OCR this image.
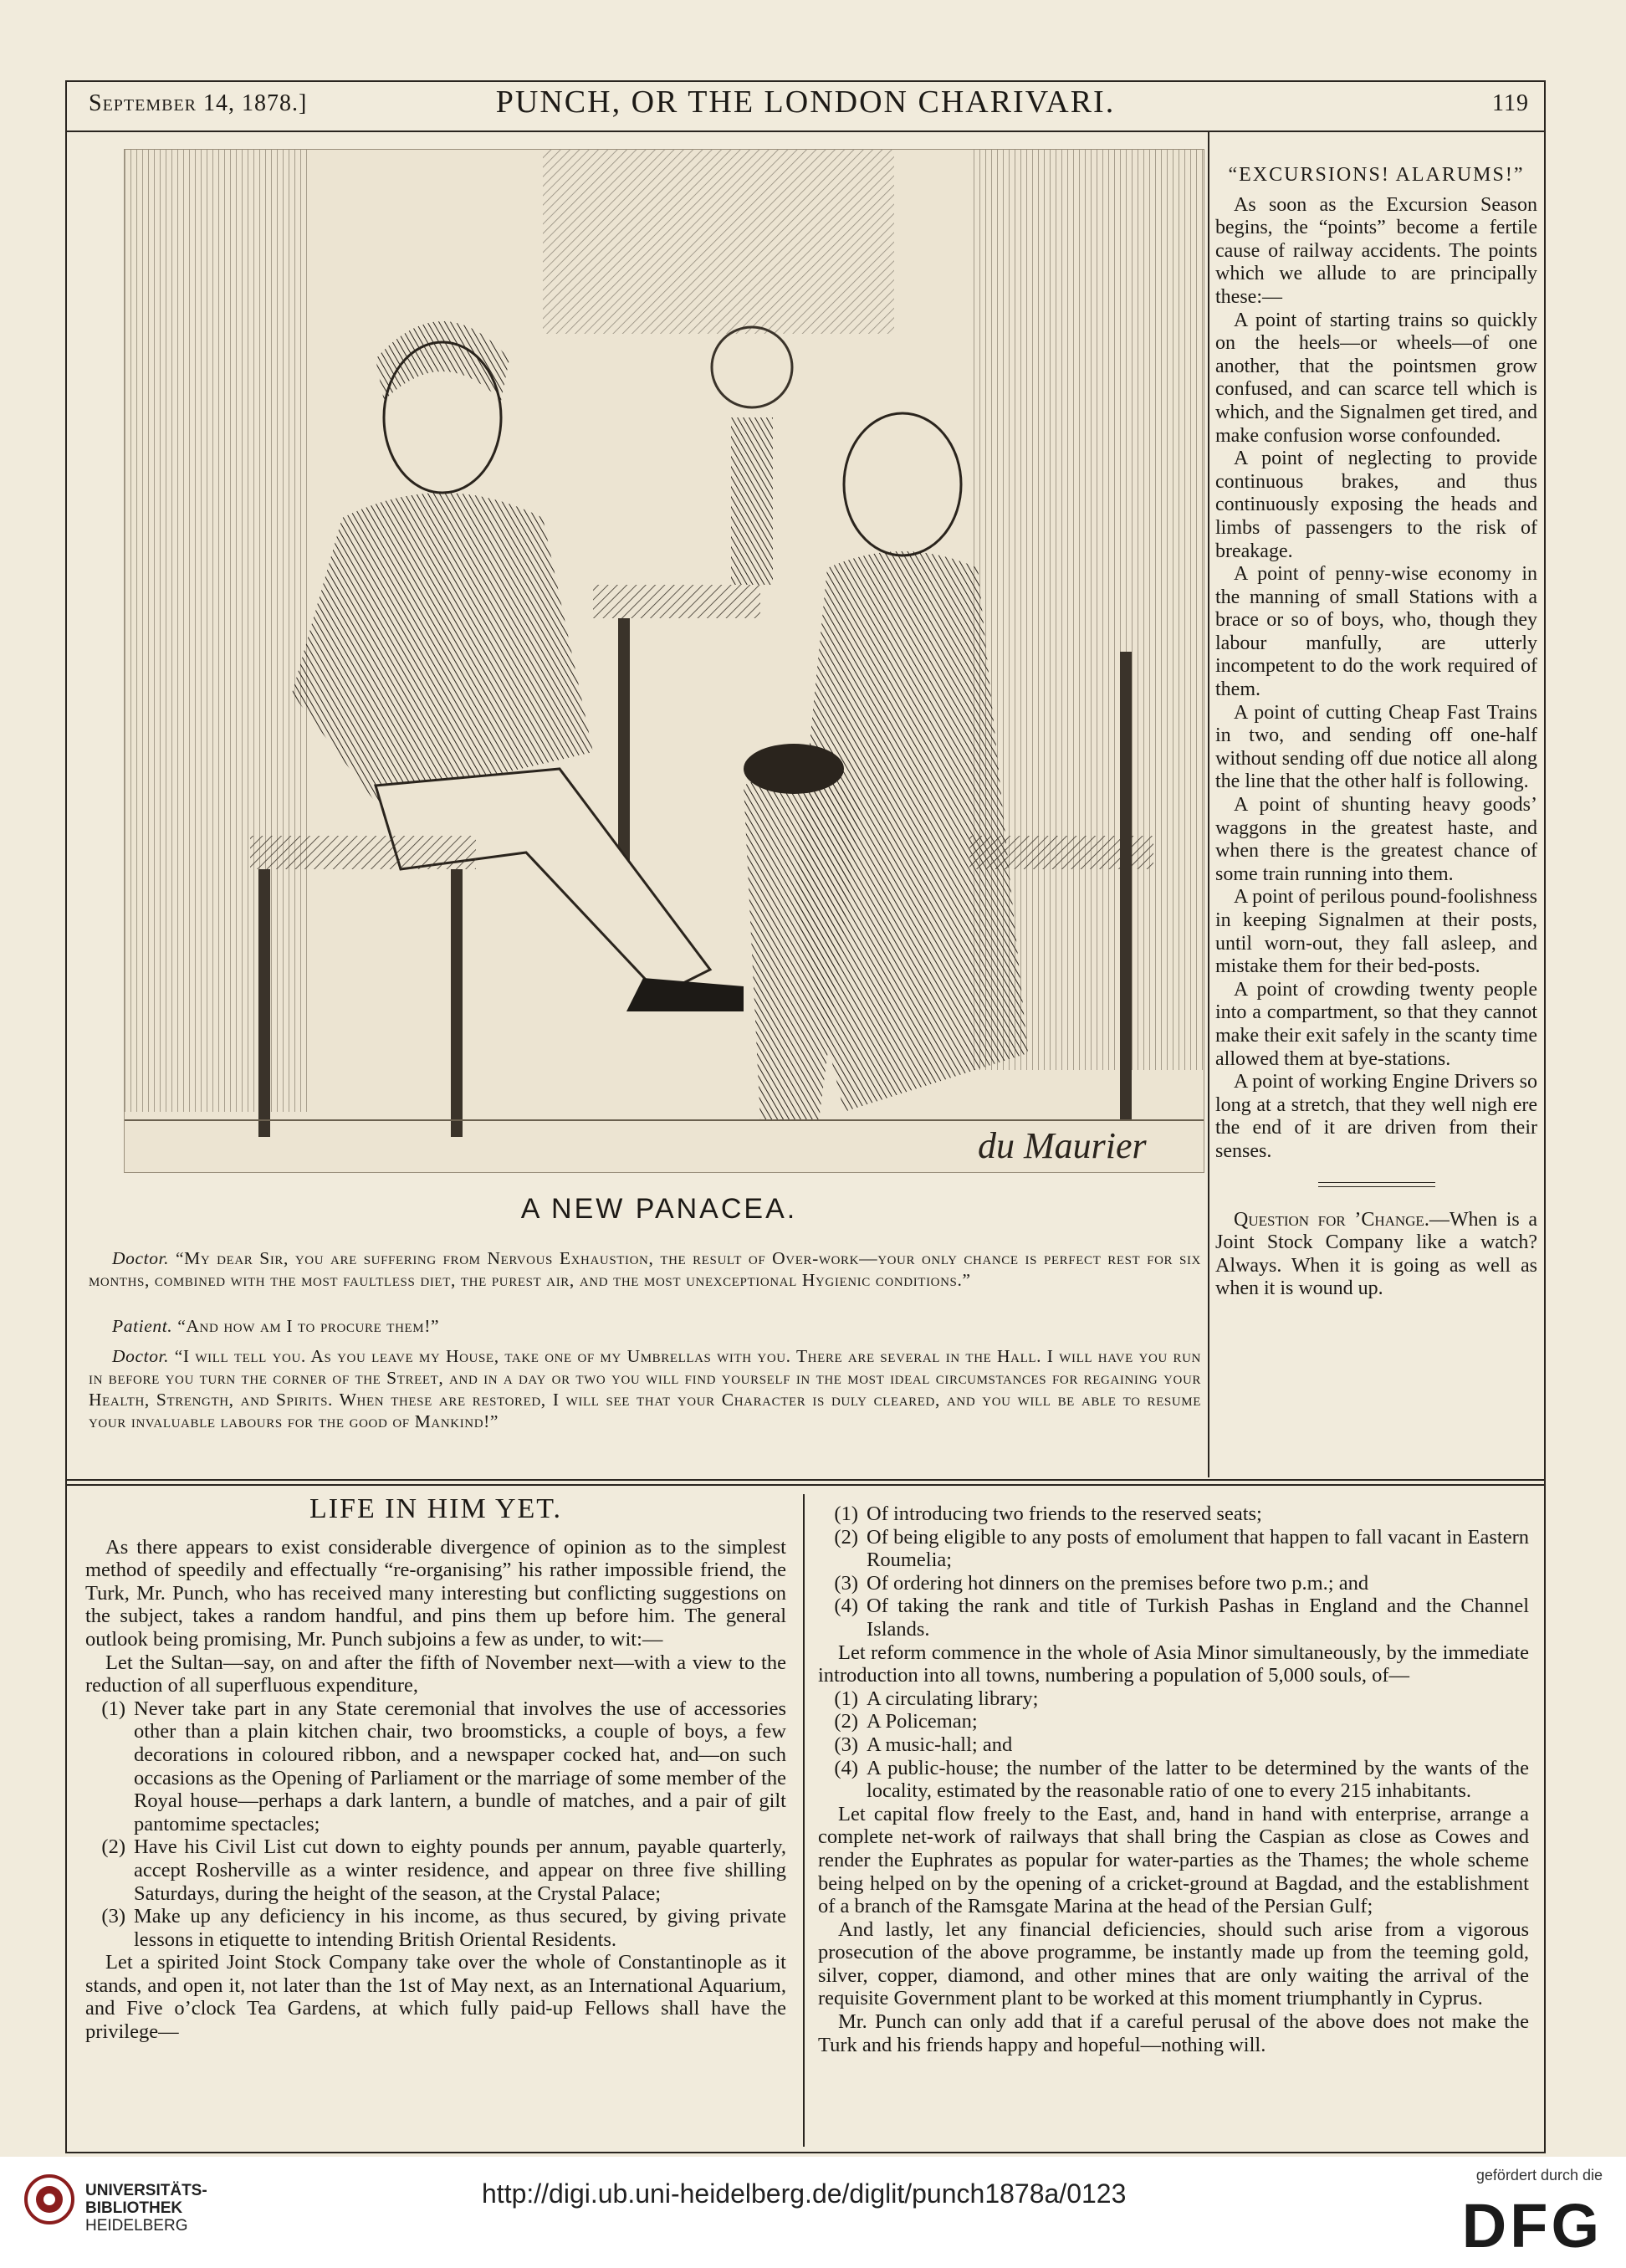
September 14, 1878.]	PUNCH, OR THE LONDON CHARIVARI.	119
du Maurier
A NEW PANACEA.
Doctor. “My dear Sir, you are suffering from Nervous Exhaustion, the result of Over-work—your only chance is perfect rest for six months, combined with the most faultless diet, the purest air, and the most unexceptional Hygienic conditions.”
Patient. “And how am I to procure them!”
Doctor. “I will tell you. As you leave my House, take one of my Umbrellas with you. There are several in the Hall. I will have you run in before you turn the corner of the Street, and in a day or two you will find yourself in the most ideal circumstances for regaining your Health, Strength, and Spirits. When these are restored, I will see that your Character is duly cleared, and you will be able to resume your invaluable labours for the good of Mankind!”

“EXCURSIONS! ALARUMS!”

As soon as the Excursion Season begins, the “points” become a fertile cause of railway accidents. The points which we allude to are principally these:—

A point of starting trains so quickly on the heels—or wheels—of one another, that the pointsmen grow confused, and can scarce tell which is which, and the Signalmen get tired, and make confusion worse confounded.

A point of neglecting to provide continuous brakes, and thus continuously exposing the heads and limbs of passengers to the risk of breakage.

A point of penny-wise economy in the manning of small Stations with a brace or so of boys, who, though they labour manfully, are utterly incompetent to do the work required of them.

A point of cutting Cheap Fast Trains in two, and sending off one-half without sending off due notice all along the line that the other half is following.

A point of shunting heavy goods’ waggons in the greatest haste, and when there is the greatest chance of some train running into them.

A point of perilous pound-foolishness in keeping Signalmen at their posts, until worn-out, they fall asleep, and mistake them for their bed-posts.

A point of crowding twenty people into a compartment, so that they cannot make their exit safely in the scanty time allowed them at bye-stations.

A point of working Engine Drivers so long at a stretch, that they well nigh ere the end of it are driven from their senses.

Question for ’Change.—When is a Joint Stock Company like a watch? Always. When it is going as well as when it is wound up.

LIFE IN HIM YET.

As there appears to exist considerable divergence of opinion as to the simplest method of speedily and effectually “re-organising” his rather impossible friend, the Turk, Mr. Punch, who has received many interesting but conflicting suggestions on the subject, takes a random handful, and pins them up before him. The general outlook being promising, Mr. Punch subjoins a few as under, to wit:—

Let the Sultan—say, on and after the fifth of November next—with a view to the reduction of all superfluous expenditure,

(1) Never take part in any State ceremonial that involves the use of accessories other than a plain kitchen chair, two broomsticks, a couple of boys, a few decorations in coloured ribbon, and a newspaper cocked hat, and—on such occasions as the Opening of Parliament or the marriage of some member of the Royal house—perhaps a dark lantern, a bundle of matches, and a pair of gilt pantomime spectacles;
(2) Have his Civil List cut down to eighty pounds per annum, payable quarterly, accept Rosherville as a winter residence, and appear on three five shilling Saturdays, during the height of the season, at the Crystal Palace;
(3) Make up any deficiency in his income, as thus secured, by giving private lessons in etiquette to intending British Oriental Residents.

Let a spirited Joint Stock Company take over the whole of Constantinople as it stands, and open it, not later than the 1st of May next, as an International Aquarium, and Five o’clock Tea Gardens, at which fully paid-up Fellows shall have the privilege—

(1) Of introducing two friends to the reserved seats;
(2) Of being eligible to any posts of emolument that happen to fall vacant in Eastern Roumelia;
(3) Of ordering hot dinners on the premises before two p.m.; and
(4) Of taking the rank and title of Turkish Pashas in England and the Channel Islands.

Let reform commence in the whole of Asia Minor simultaneously, by the immediate introduction into all towns, numbering a population of 5,000 souls, of—

(1) A circulating library;
(2) A Policeman;
(3) A music-hall; and
(4) A public-house; the number of the latter to be determined by the wants of the locality, estimated by the reasonable ratio of one to every 215 inhabitants.

Let capital flow freely to the East, and, hand in hand with enterprise, arrange a complete net-work of railways that shall bring the Caspian as close as Cowes and render the Euphrates as popular for water-parties as the Thames; the whole scheme being helped on by the opening of a cricket-ground at Bagdad, and the establishment of a branch of the Ramsgate Marina at the head of the Persian Gulf;

And lastly, let any financial deficiencies, should such arise from a vigorous prosecution of the above programme, be instantly made up from the teeming gold, silver, copper, diamond, and other mines that are only waiting the arrival of the requisite Government plant to be worked at this moment triumphantly in Cyprus.

Mr. Punch can only add that if a careful perusal of the above does not make the Turk and his friends happy and hopeful—nothing will.

UNIVERSITÄTS-
BIBLIOTHEK
HEIDELBERG
http://digi.ub.uni-heidelberg.de/diglit/punch1878a/0123
gefördert durch die
DFG
